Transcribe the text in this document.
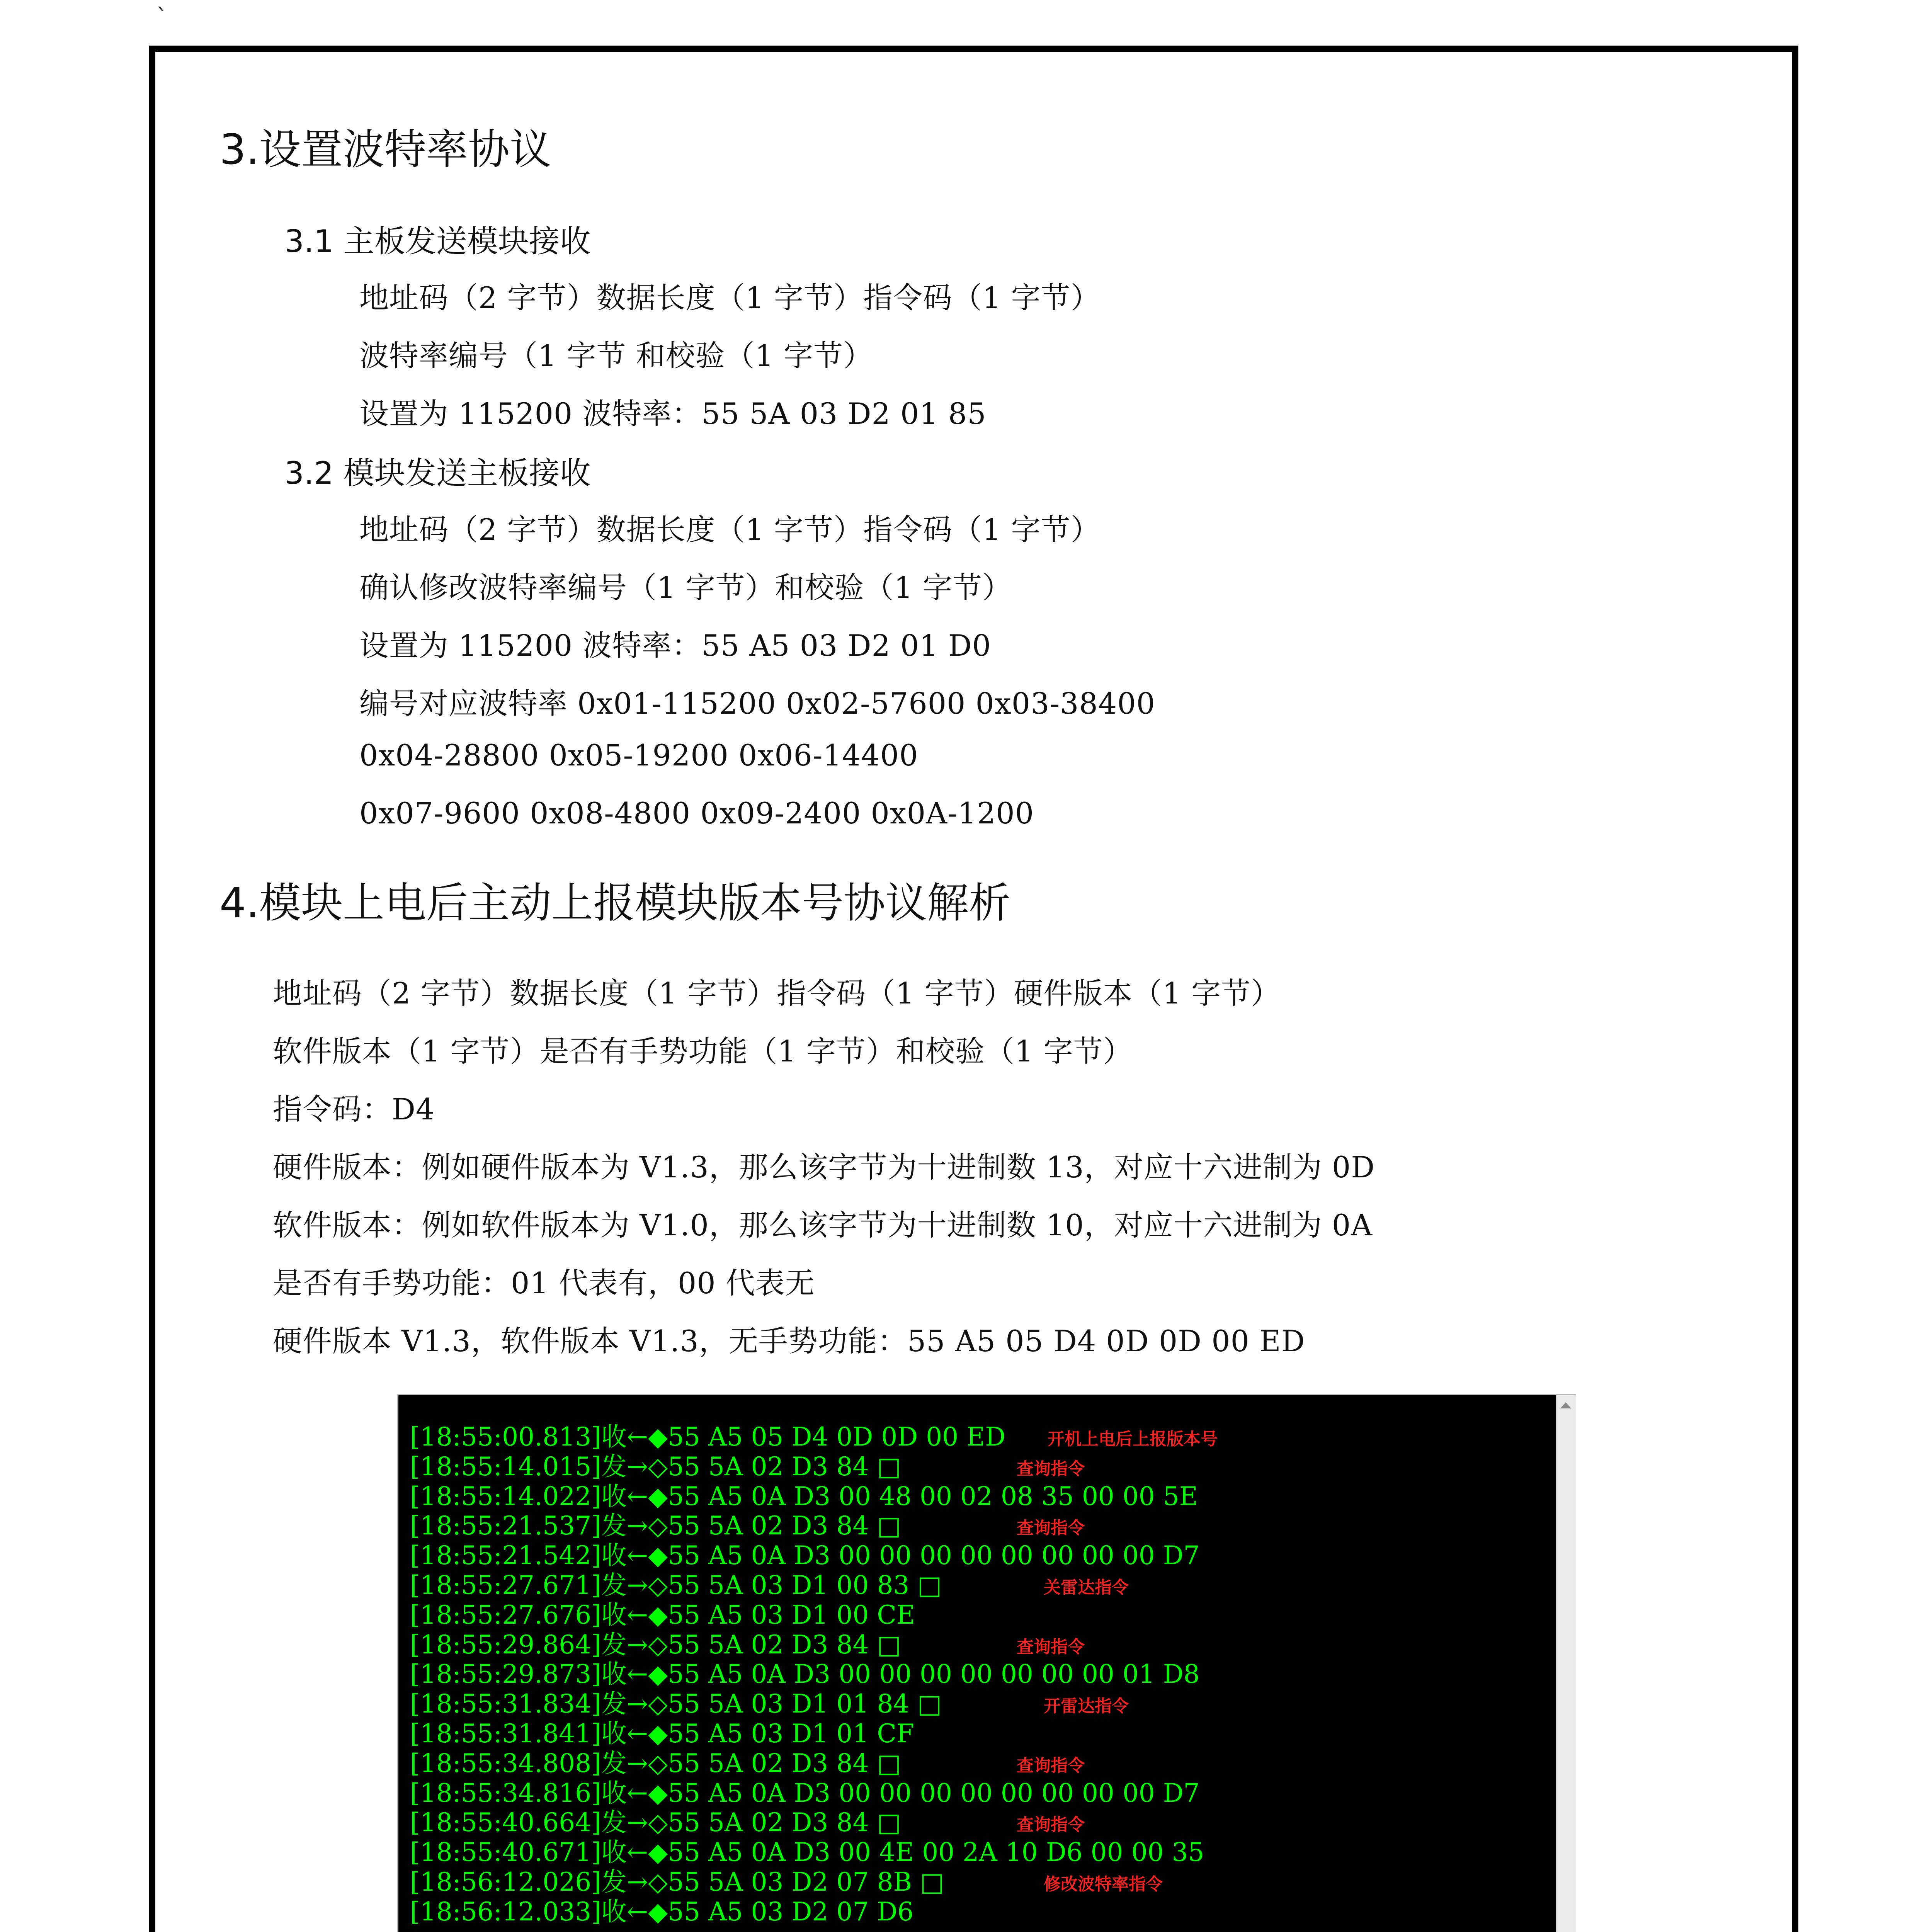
`
3.设置波特率协议
3.1 主板发送模块接收
地址码（2 字节）数据长度（1 字节）指令码（1 字节）
波特率编号（1 字节 和校验（1 字节）
设置为 115200 波特率：55 5A 03 D2 01 85
3.2 模块发送主板接收
地址码（2 字节）数据长度（1 字节）指令码（1 字节）
确认修改波特率编号（1 字节）和校验（1 字节）
设置为 115200 波特率：55 A5 03 D2 01 D0
编号对应波特率 0x01-115200 0x02-57600 0x03-38400
0x04-28800 0x05-19200 0x06-14400
0x07-9600 0x08-4800 0x09-2400 0x0A-1200
4.模块上电后主动上报模块版本号协议解析
地址码（2 字节）数据长度（1 字节）指令码（1 字节）硬件版本（1 字节）
软件版本（1 字节）是否有手势功能（1 字节）和校验（1 字节）
指令码：D4
硬件版本：例如硬件版本为 V1.3，那么该字节为十进制数 13，对应十六进制为 0D
软件版本：例如软件版本为 V1.0，那么该字节为十进制数 10，对应十六进制为 0A
是否有手势功能：01 代表有，00 代表无
硬件版本 V1.3，软件版本 V1.3，无手势功能：55 A5 05 D4 0D 0D 00 ED
[18:55:00.813]收←◆55 A5 05 D4 0D 0D 00 ED 开机上电后上报版本号
[18:55:14.015]发→◇55 5A 02 D3 84 □	查询指令
[18:55:14.022]收←◆55 A5 0A D3 00 48 00 02 08 35 00 00 5E
[18:55:21.537]发→◇55 5A 02 D3 84 □	查询指令
[18:55:21.542]收←◆55 A5 0A D3 00 00 00 00 00 00 00 00 D7
[18:55:27.671]发→◇55 5A 03 D1 00 83 □	关雷达指令
[18:55:27.676]收←◆55 A5 03 D1 00 CE
[18:55:29.864]发→◇55 5A 02 D3 84 □	查询指令
[18:55:29.873]收←◆55 A5 0A D3 00 00 00 00 00 00 00 01 D8
[18:55:31.834]发→◇55 5A 03 D1 01 84 □	开雷达指令
[18:55:31.841]收←◆55 A5 03 D1 01 CF
[18:55:34.808]发→◇55 5A 02 D3 84 □	查询指令
[18:55:34.816]收←◆55 A5 0A D3 00 00 00 00 00 00 00 00 D7
[18:55:40.664]发→◇55 5A 02 D3 84 □	查询指令
[18:55:40.671]收←◆55 A5 0A D3 00 4E 00 2A 10 D6 00 00 35
[18:56:12.026]发→◇55 5A 03 D2 07 8B □	修改波特率指令
[18:56:12.033]收←◆55 A5 03 D2 07 D6
